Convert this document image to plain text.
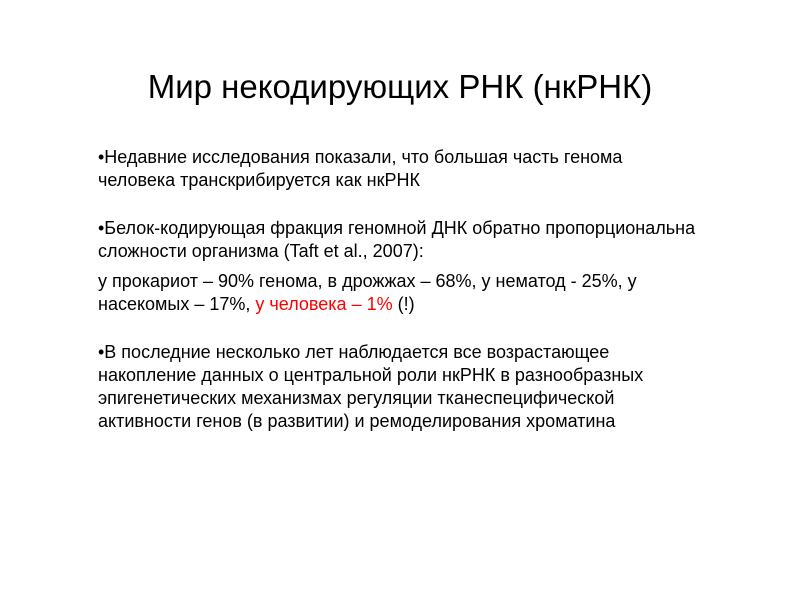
Мир некодирующих РНК (нкРНК)

•Недавние исследования показали, что большая часть генома человека транскрибируется как нкРНК

•Белок-кодирующая фракция геномной ДНК обратно пропорциональна сложности организма (Taft et al., 2007):

у прокариот – 90% генома, в дрожжах – 68%, у нематод - 25%, у насекомых – 17%, у человека – 1% (!)

•В последние несколько лет наблюдается все возрастающее накопление данных о центральной роли нкРНК в разнообразных эпигенетических механизмах регуляции тканеспецифической активности генов (в развитии) и ремоделирования хроматина
